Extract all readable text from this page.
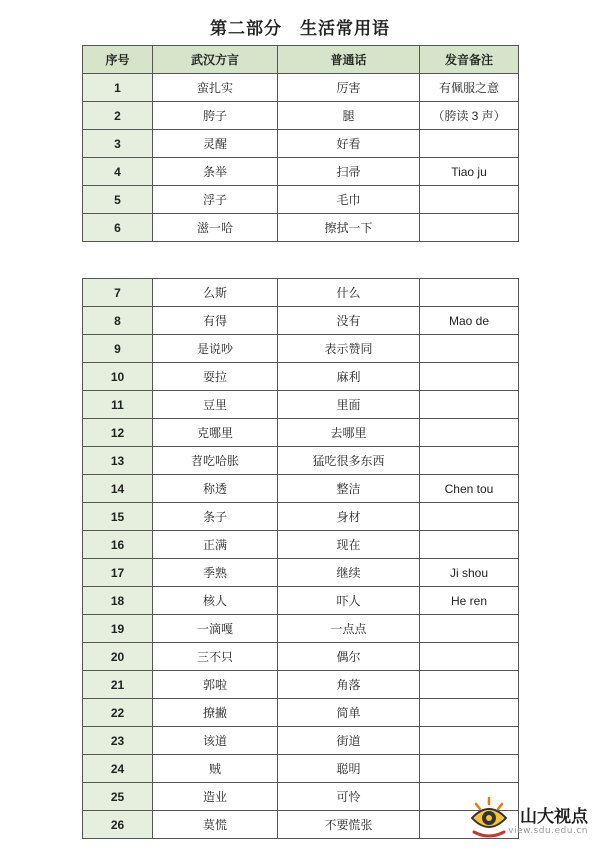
第二部分　生活常用语
序号	武汉方言	普通话	发音备注
1	蛮扎实	厉害	有佩服之意
2	胯子	腿	（胯读 3 声）
3	灵醒	好看	
4	条举	扫帚	Tiao ju
5	浮子	毛巾	
6	滋一哈	擦拭一下	
7	么斯	什么	
8	有得	没有	Mao de
9	是说吵	表示赞同	
10	耍拉	麻利	
11	豆里	里面	
12	克哪里	去哪里	
13	苕吃哈胀	猛吃很多东西	
14	称透	整洁	Chen tou
15	条子	身材	
16	正满	现在	
17	季熟	继续	Ji shou
18	核人	吓人	He ren
19	一滴嘎	一点点	
20	三不只	偶尔	
21	郭啦	角落	
22	撩撇	简单	
23	该道	街道	
24	贼	聪明	
25	造业	可怜	
26	莫慌	不要慌张		山大视点
view.sdu.edu.cn
